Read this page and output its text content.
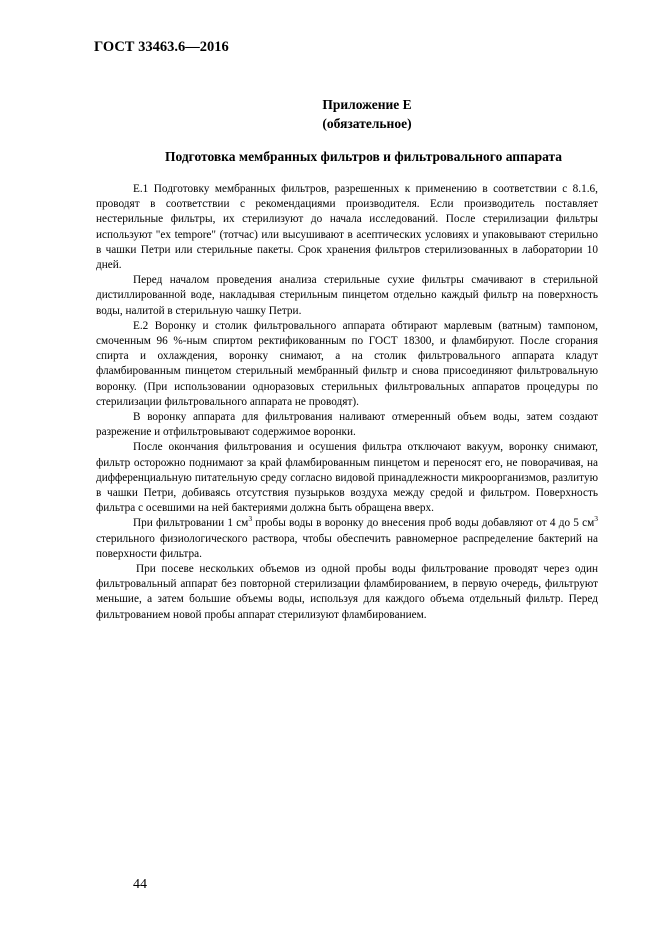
ГОСТ 33463.6—2016
Приложение Е
(обязательное)
Подготовка мембранных фильтров и фильтровального аппарата

Е.1 Подготовку мембранных фильтров, разрешенных к применению в соответствии с 8.1.6, проводят в соответствии с рекомендациями производителя. Если производитель поставляет нестерильные фильтры, их стерилизуют до начала исследований. После стерилизации фильтры используют "ex tempore" (тотчас) или высушивают в асептических условиях и упаковывают стерильно в чашки Петри или стерильные пакеты. Срок хранения фильтров стерилизованных в лаборатории 10 дней.

Перед началом проведения анализа стерильные сухие фильтры смачивают в стерильной дистиллированной воде, накладывая стерильным пинцетом отдельно каждый фильтр на поверхность воды, налитой в стерильную чашку Петри.

Е.2 Воронку и столик фильтровального аппарата обтирают марлевым (ватным) тампоном, смоченным 96 %-ным спиртом ректификованным по ГОСТ 18300, и фламбируют. После сгорания спирта и охлаждения, воронку снимают, а на столик фильтровального аппарата кладут фламбированным пинцетом стерильный мембранный фильтр и снова присоединяют фильтровальную воронку. (При использовании одноразовых стерильных фильтровальных аппаратов процедуры по стерилизации фильтровального аппарата не проводят).

В воронку аппарата для фильтрования наливают отмеренный объем воды, затем создают разрежение и отфильтровывают содержимое воронки.

После окончания фильтрования и осушения фильтра отключают вакуум, воронку снимают, фильтр осторожно поднимают за край фламбированным пинцетом и переносят его, не поворачивая, на дифференциальную питательную среду согласно видовой принадлежности микроорганизмов, разлитую в чашки Петри, добиваясь отсутствия пузырьков воздуха между средой и фильтром. Поверхность фильтра с осевшими на ней бактериями должна быть обращена вверх.

При фильтровании 1 $см^3$ пробы воды в воронку до внесения проб воды добавляют от 4 до 5 $см^3$ стерильного физиологического раствора, чтобы обеспечить равномерное распределение бактерий на поверхности фильтра.

При посеве нескольких объемов из одной пробы воды фильтрование проводят через один фильтровальный аппарат без повторной стерилизации фламбированием, в первую очередь, фильтруют меньшие, а затем большие объемы воды, используя для каждого объема отдельный фильтр. Перед фильтрованием новой пробы аппарат стерилизуют фламбированием.

44
